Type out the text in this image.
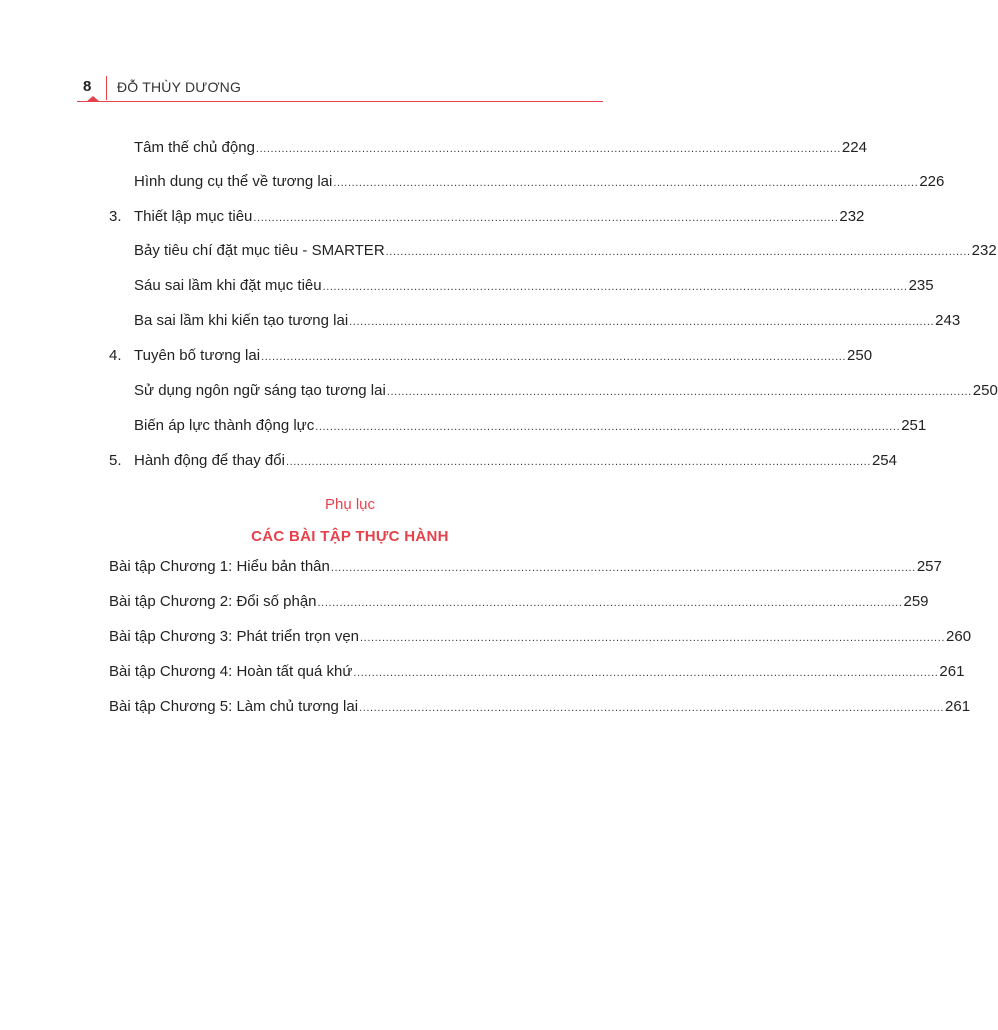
8 ĐỖ THÙY DƯƠNG
Tâm thế chủ động ................................................................................................................................................................ 224
Hình dung cụ thể về tương lai ................................................................................................................................................................ 226
3. Thiết lập mục tiêu ................................................................................................................................................................ 232
Bảy tiêu chí đặt mục tiêu - SMARTER ................................................................................................................................................................ 232
Sáu sai lầm khi đặt mục tiêu ................................................................................................................................................................ 235
Ba sai lầm khi kiến tạo tương lai ................................................................................................................................................................ 243
4. Tuyên bố tương lai ................................................................................................................................................................ 250
Sử dụng ngôn ngữ sáng tạo tương lai ................................................................................................................................................................ 250
Biến áp lực thành động lực ................................................................................................................................................................ 251
5. Hành động để thay đổi ................................................................................................................................................................ 254
Phụ lục
CÁC BÀI TẬP THỰC HÀNH
Bài tập Chương 1: Hiểu bản thân ................................................................................................................................................................ 257
Bài tập Chương 2: Đổi số phận ................................................................................................................................................................ 259
Bài tập Chương 3: Phát triển trọn vẹn ................................................................................................................................................................ 260
Bài tập Chương 4: Hoàn tất quá khứ ................................................................................................................................................................ 261
Bài tập Chương 5: Làm chủ tương lai ................................................................................................................................................................ 261
